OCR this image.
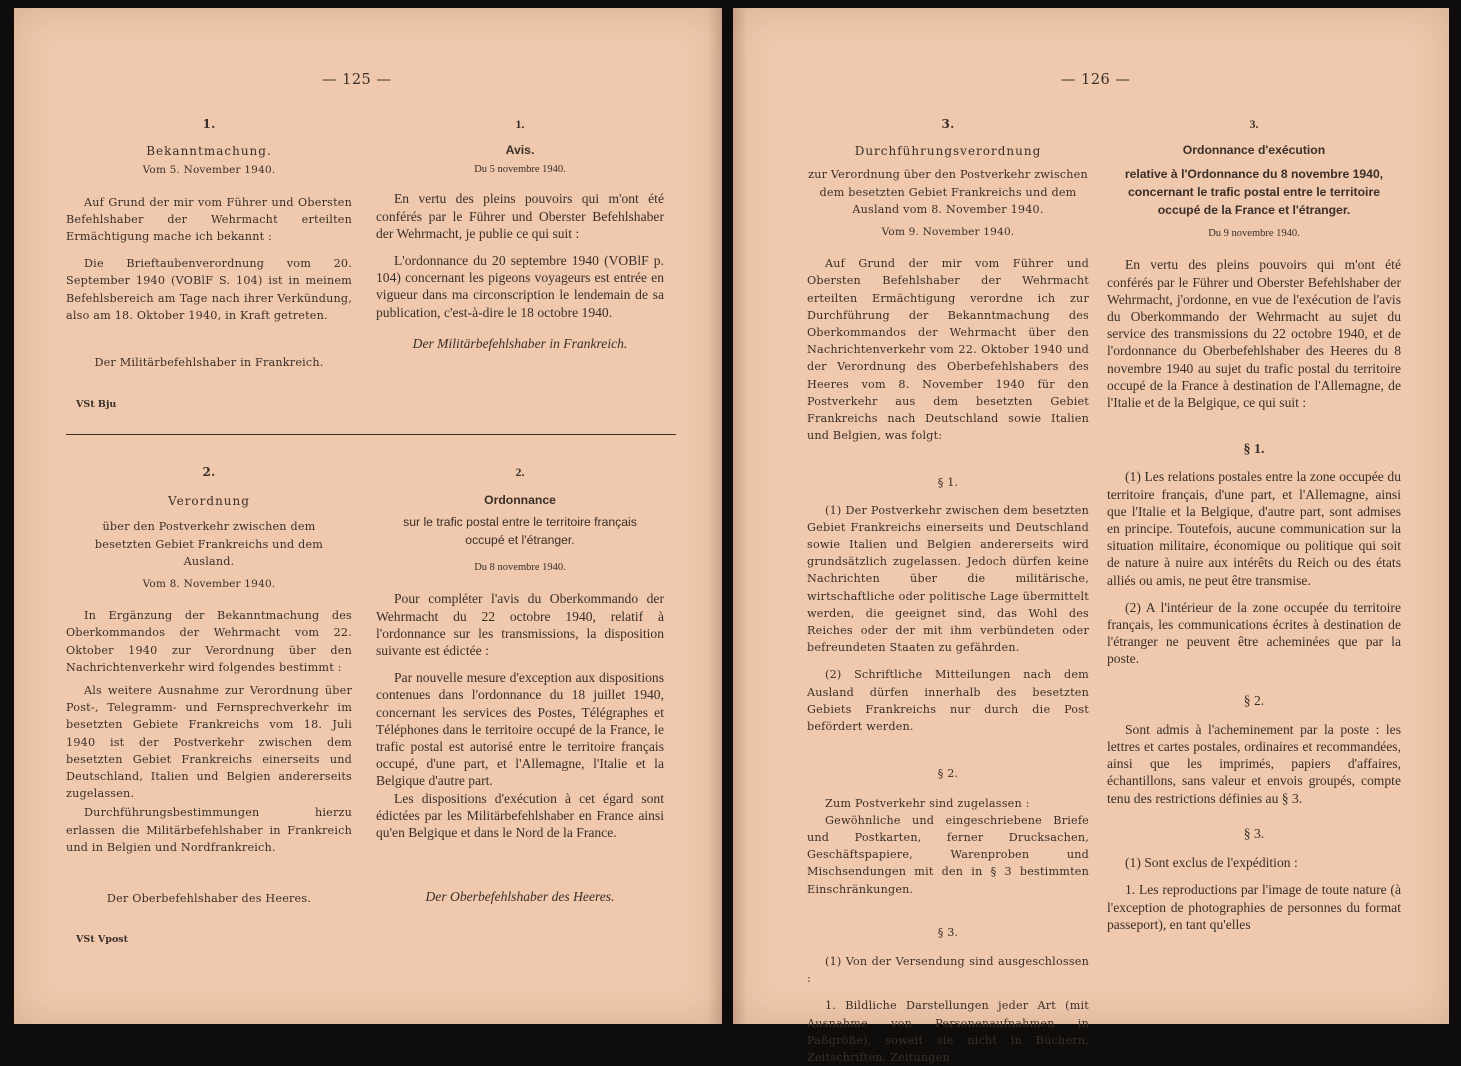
— 125 —
1.
Bekanntmachung.
Vom 5. November 1940.

Auf Grund der mir vom Führer und Obersten Befehlshaber der Wehrmacht erteilten Ermächtigung mache ich bekannt :

Die Brieftaubenverordnung vom 20. September 1940 (VOBlF S. 104) ist in meinem Befehlsbereich am Tage nach ihrer Verkündung, also am 18. Oktober 1940, in Kraft getreten.

Der Militärbefehlshaber in Frankreich.
VSt Bju
1.
Avis.
Du 5 novembre 1940.

En vertu des pleins pouvoirs qui m'ont été conférés par le Führer und Oberster Befehlshaber der Wehrmacht, je publie ce qui suit :

L'ordonnance du 20 septembre 1940 (VOBlF p. 104) concernant les pigeons voyageurs est entrée en vigueur dans ma circonscription le lendemain de sa publication, c'est-à-dire le 18 octobre 1940.

Der Militärbefehlshaber in Frankreich.
2.
Verordnung
über den Postverkehr zwischen dem besetzten Gebiet Frankreichs und dem Ausland.
Vom 8. November 1940.

In Ergänzung der Bekanntmachung des Oberkommandos der Wehrmacht vom 22. Oktober 1940 zur Verordnung über den Nachrichtenverkehr wird folgendes bestimmt :

Als weitere Ausnahme zur Verordnung über Post-, Telegramm- und Fernsprechverkehr im besetzten Gebiete Frankreichs vom 18. Juli 1940 ist der Postverkehr zwischen dem besetzten Gebiet Frankreichs einerseits und Deutschland, Italien und Belgien andererseits zugelassen.

Durchführungsbestimmungen hierzu erlassen die Militärbefehlshaber in Frankreich und in Belgien und Nordfrankreich.

Der Oberbefehlshaber des Heeres.
VSt Vpost
2.
Ordonnance
sur le trafic postal entre le territoire français occupé et l'étranger.
Du 8 novembre 1940.

Pour compléter l'avis du Oberkommando der Wehrmacht du 22 octobre 1940, relatif à l'ordonnance sur les transmissions, la disposition suivante est édictée :

Par nouvelle mesure d'exception aux dispositions contenues dans l'ordonnance du 18 juillet 1940, concernant les services des Postes, Télégraphes et Téléphones dans le territoire occupé de la France, le trafic postal est autorisé entre le territoire français occupé, d'une part, et l'Allemagne, l'Italie et la Belgique d'autre part.

Les dispositions d'exécution à cet égard sont édictées par les Militärbefehlshaber en France ainsi qu'en Belgique et dans le Nord de la France.

Der Oberbefehlshaber des Heeres.
— 126 —
3.
Durchführungsverordnung
zur Verordnung über den Postverkehr zwischen dem besetzten Gebiet Frankreichs und dem Ausland vom 8. November 1940.
Vom 9. November 1940.

Auf Grund der mir vom Führer und Obersten Befehlshaber der Wehrmacht erteilten Ermächtigung verordne ich zur Durchführung der Bekanntmachung des Oberkommandos der Wehrmacht über den Nachrichtenverkehr vom 22. Oktober 1940 und der Verordnung des Oberbefehlshabers des Heeres vom 8. November 1940 für den Postverkehr aus dem besetzten Gebiet Frankreichs nach Deutschland sowie Italien und Belgien, was folgt:

§ 1.

(1) Der Postverkehr zwischen dem besetzten Gebiet Frankreichs einerseits und Deutschland sowie Italien und Belgien andererseits wird grundsätzlich zugelassen. Jedoch dürfen keine Nachrichten über die militärische, wirtschaftliche oder politische Lage übermittelt werden, die geeignet sind, das Wohl des Reiches oder der mit ihm verbündeten oder befreundeten Staaten zu gefährden.

(2) Schriftliche Mitteilungen nach dem Ausland dürfen innerhalb des besetzten Gebiets Frankreichs nur durch die Post befördert werden.

§ 2.

Zum Postverkehr sind zugelassen :

Gewöhnliche und eingeschriebene Briefe und Postkarten, ferner Drucksachen, Geschäftspapiere, Warenproben und Mischsendungen mit den in § 3 bestimmten Einschränkungen.

§ 3.

(1) Von der Versendung sind ausgeschlossen :

1. Bildliche Darstellungen jeder Art (mit Ausnahme von Personenaufnahmen in Paßgröße), soweit sie nicht in Büchern, Zeitschriften, Zeitungen

3.
Ordonnance d'exécution
relative à l'Ordonnance du 8 novembre 1940, concernant le trafic postal entre le territoire occupé de la France et l'étranger.
Du 9 novembre 1940.

En vertu des pleins pouvoirs qui m'ont été conférés par le Führer und Oberster Befehlshaber der Wehrmacht, j'ordonne, en vue de l'exécution de l'avis du Oberkommando der Wehrmacht au sujet du service des transmissions du 22 octobre 1940, et de l'ordonnance du Oberbefehlshaber des Heeres du 8 novembre 1940 au sujet du trafic postal du territoire occupé de la France à destination de l'Allemagne, de l'Italie et de la Belgique, ce qui suit :

§ 1.

(1) Les relations postales entre la zone occupée du territoire français, d'une part, et l'Allemagne, ainsi que l'Italie et la Belgique, d'autre part, sont admises en principe. Toutefois, aucune communication sur la situation militaire, économique ou politique qui soit de nature à nuire aux intérêts du Reich ou des états alliés ou amis, ne peut être transmise.

(2) A l'intérieur de la zone occupée du territoire français, les communications écrites à destination de l'étranger ne peuvent être acheminées que par la poste.

§ 2.

Sont admis à l'acheminement par la poste : les lettres et cartes postales, ordinaires et recommandées, ainsi que les imprimés, papiers d'affaires, échantillons, sans valeur et envois groupés, compte tenu des restrictions définies au § 3.

§ 3.

(1) Sont exclus de l'expédition :

1. Les reproductions par l'image de toute nature (à l'exception de photographies de personnes du format passeport), en tant qu'elles
